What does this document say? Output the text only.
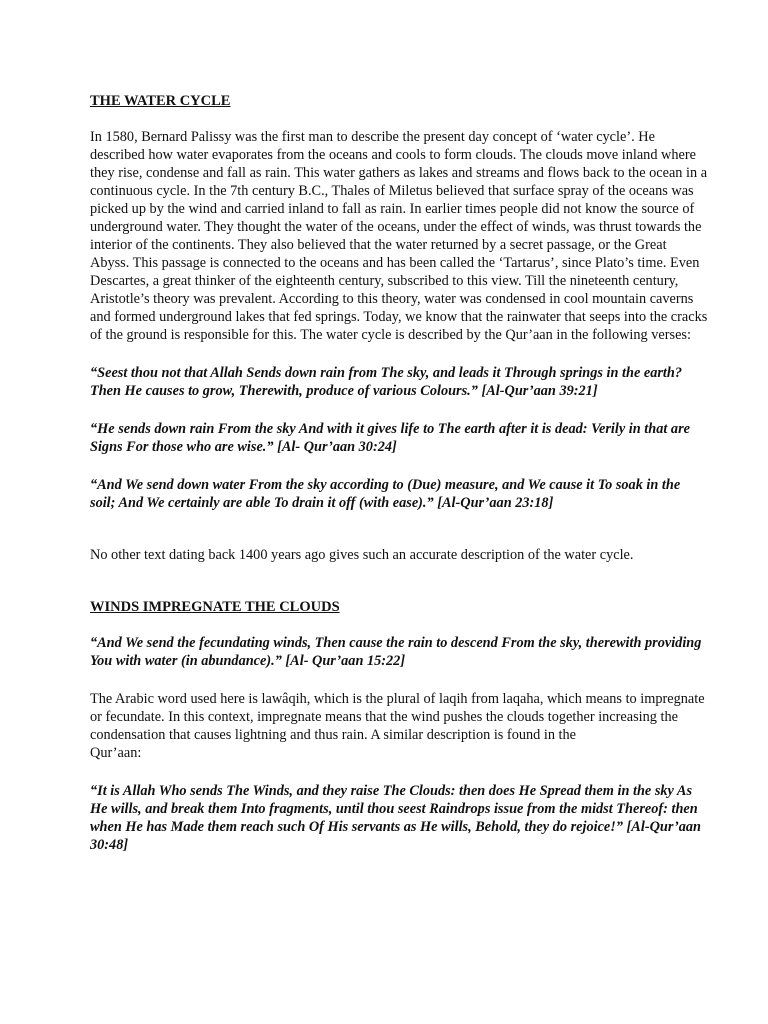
THE WATER CYCLE

In 1580, Bernard Palissy was the first man to describe the present day concept of ‘water cycle’. He described how water evaporates from the oceans and cools to form clouds. The clouds move inland where they rise, condense and fall as rain. This water gathers as lakes and streams and flows back to the ocean in a continuous cycle. In the 7th century B.C., Thales of Miletus believed that surface spray of the oceans was picked up by the wind and carried inland to fall as rain. In earlier times people did not know the source of underground water. They thought the water of the oceans, under the effect of winds, was thrust towards the interior of the continents. They also believed that the water returned by a secret passage, or the Great Abyss. This passage is connected to the oceans and has been called the ‘Tartarus’, since Plato’s time. Even Descartes, a great thinker of the eighteenth century, subscribed to this view. Till the nineteenth century, Aristotle’s theory was prevalent. According to this theory, water was condensed in cool mountain caverns and formed underground lakes that fed springs. Today, we know that the rainwater that seeps into the cracks of the ground is responsible for this. The water cycle is described by the Qur’aan in the following verses:

“Seest thou not that Allah Sends down rain from The sky, and leads it Through springs in the earth? Then He causes to grow, Therewith, produce of various Colours.” [Al-Qur’aan 39:21]

“He sends down rain From the sky And with it gives life to The earth after it is dead: Verily in that are Signs For those who are wise.” [Al- Qur’aan 30:24]

“And We send down water From the sky according to (Due) measure, and We cause it To soak in the soil; And We certainly are able To drain it off (with ease).” [Al-Qur’aan 23:18]

No other text dating back 1400 years ago gives such an accurate description of the water cycle.

WINDS IMPREGNATE THE CLOUDS

“And We send the fecundating winds, Then cause the rain to descend From the sky, therewith providing You with water (in abundance).” [Al- Qur’aan 15:22]

The Arabic word used here is lawâqih, which is the plural of laqih from laqaha, which means to impregnate or fecundate. In this context, impregnate means that the wind pushes the clouds together increasing the condensation that causes lightning and thus rain. A similar description is found in the

Qur’aan:

“It is Allah Who sends The Winds, and they raise The Clouds: then does He Spread them in the sky As He wills, and break them Into fragments, until thou seest Raindrops issue from the midst Thereof: then when He has Made them reach such Of His servants as He wills, Behold, they do rejoice!” [Al-Qur’aan 30:48]
